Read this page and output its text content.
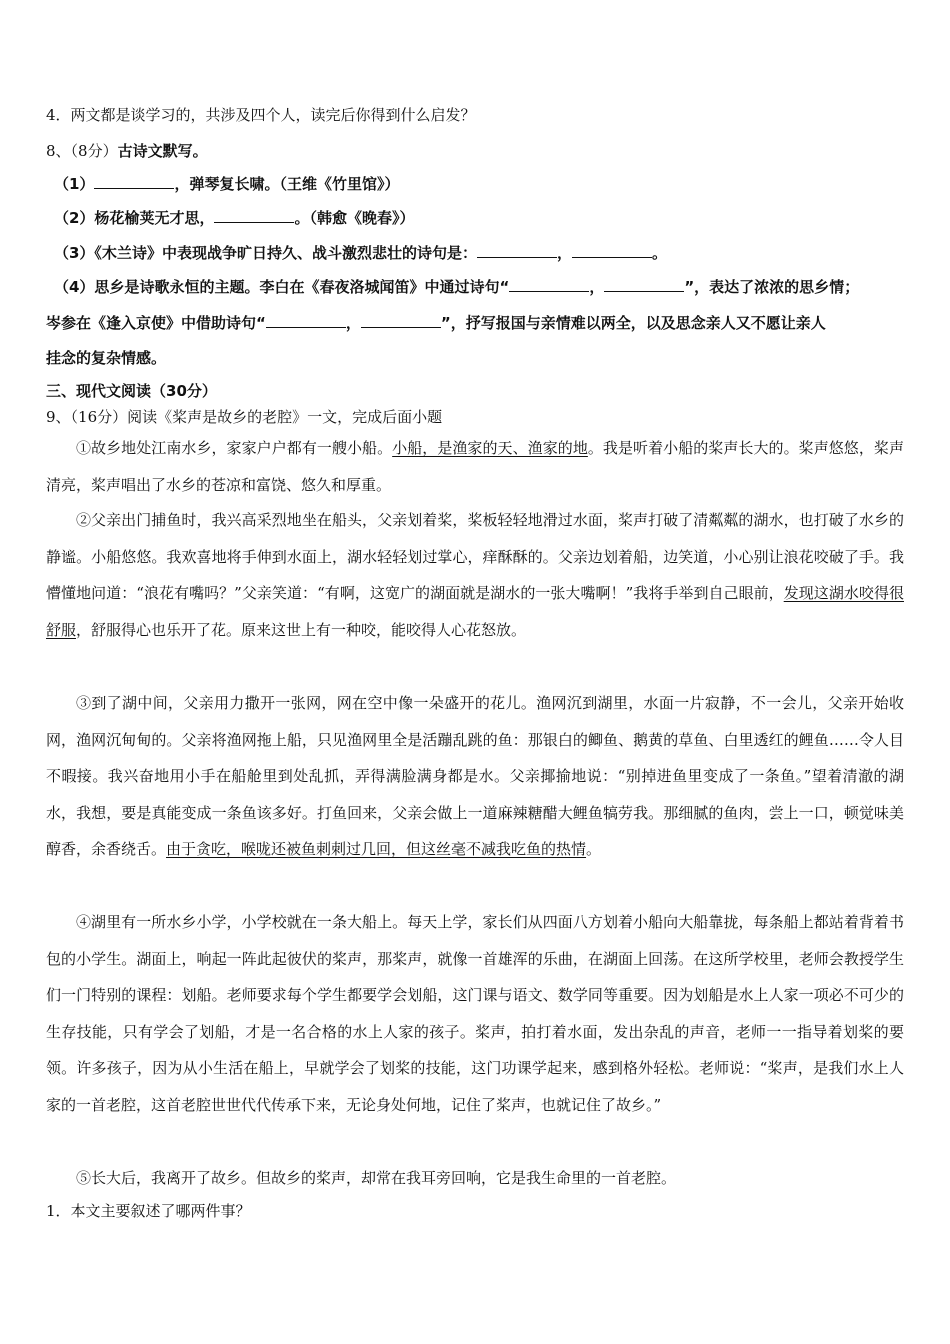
4．两文都是谈学习的，共涉及四个人，读完后你得到什么启发？
8、（8分）古诗文默写。
（1）	，弹琴复长啸。（王维《竹里馆》）
（2）杨花榆荚无才思，	。（韩愈《晚春》）
（3）《木兰诗》中表现战争旷日持久、战斗激烈悲壮的诗句是：	，	。
（4）思乡是诗歌永恒的主题。李白在《春夜洛城闻笛》中通过诗句“	，	”，表达了浓浓的思乡情；
岑参在《逢入京使》中借助诗句“	，	”，抒写报国与亲情难以两全，以及思念亲人又不愿让亲人
挂念的复杂情感。
三、现代文阅读（30分）
9、（16分）阅读《桨声是故乡的老腔》一文，完成后面小题
①故乡地处江南水乡，家家户户都有一艘小船。小船，是渔家的天、渔家的地。我是听着小船的桨声长大的。桨声悠悠，桨声清亮，桨声唱出了水乡的苍凉和富饶、悠久和厚重。
②父亲出门捕鱼时，我兴高采烈地坐在船头，父亲划着桨，桨板轻轻地滑过水面，桨声打破了清粼粼的湖水，也打破了水乡的静谧。小船悠悠。我欢喜地将手伸到水面上，湖水轻轻划过掌心，痒酥酥的。父亲边划着船，边笑道，小心别让浪花咬破了手。我懵懂地问道：“浪花有嘴吗？”父亲笑道：“有啊，这宽广的湖面就是湖水的一张大嘴啊！”我将手举到自己眼前，发现这湖水咬得很舒服，舒服得心也乐开了花。原来这世上有一种咬，能咬得人心花怒放。
③到了湖中间，父亲用力撒开一张网，网在空中像一朵盛开的花儿。渔网沉到湖里，水面一片寂静，不一会儿，父亲开始收网，渔网沉甸甸的。父亲将渔网拖上船，只见渔网里全是活蹦乱跳的鱼：那银白的鲫鱼、鹅黄的草鱼、白里透红的鲤鱼……令人目不暇接。我兴奋地用小手在船舱里到处乱抓，弄得满脸满身都是水。父亲揶揄地说：“别掉进鱼里变成了一条鱼。”望着清澈的湖水，我想，要是真能变成一条鱼该多好。打鱼回来，父亲会做上一道麻辣糖醋大鲤鱼犒劳我。那细腻的鱼肉，尝上一口，顿觉味美醇香，余香绕舌。由于贪吃，喉咙还被鱼刺刺过几回，但这丝毫不减我吃鱼的热情。
④湖里有一所水乡小学，小学校就在一条大船上。每天上学，家长们从四面八方划着小船向大船靠拢，每条船上都站着背着书包的小学生。湖面上，响起一阵此起彼伏的桨声，那桨声，就像一首雄浑的乐曲，在湖面上回荡。在这所学校里，老师会教授学生们一门特别的课程：划船。老师要求每个学生都要学会划船，这门课与语文、数学同等重要。因为划船是水上人家一项必不可少的生存技能，只有学会了划船，才是一名合格的水上人家的孩子。桨声，拍打着水面，发出杂乱的声音，老师一一指导着划桨的要领。许多孩子，因为从小生活在船上，早就学会了划桨的技能，这门功课学起来，感到格外轻松。老师说：“桨声，是我们水上人家的一首老腔，这首老腔世世代代传承下来，无论身处何地，记住了桨声，也就记住了故乡。”
⑤长大后，我离开了故乡。但故乡的桨声，却常在我耳旁回响，它是我生命里的一首老腔。
1．本文主要叙述了哪两件事？
